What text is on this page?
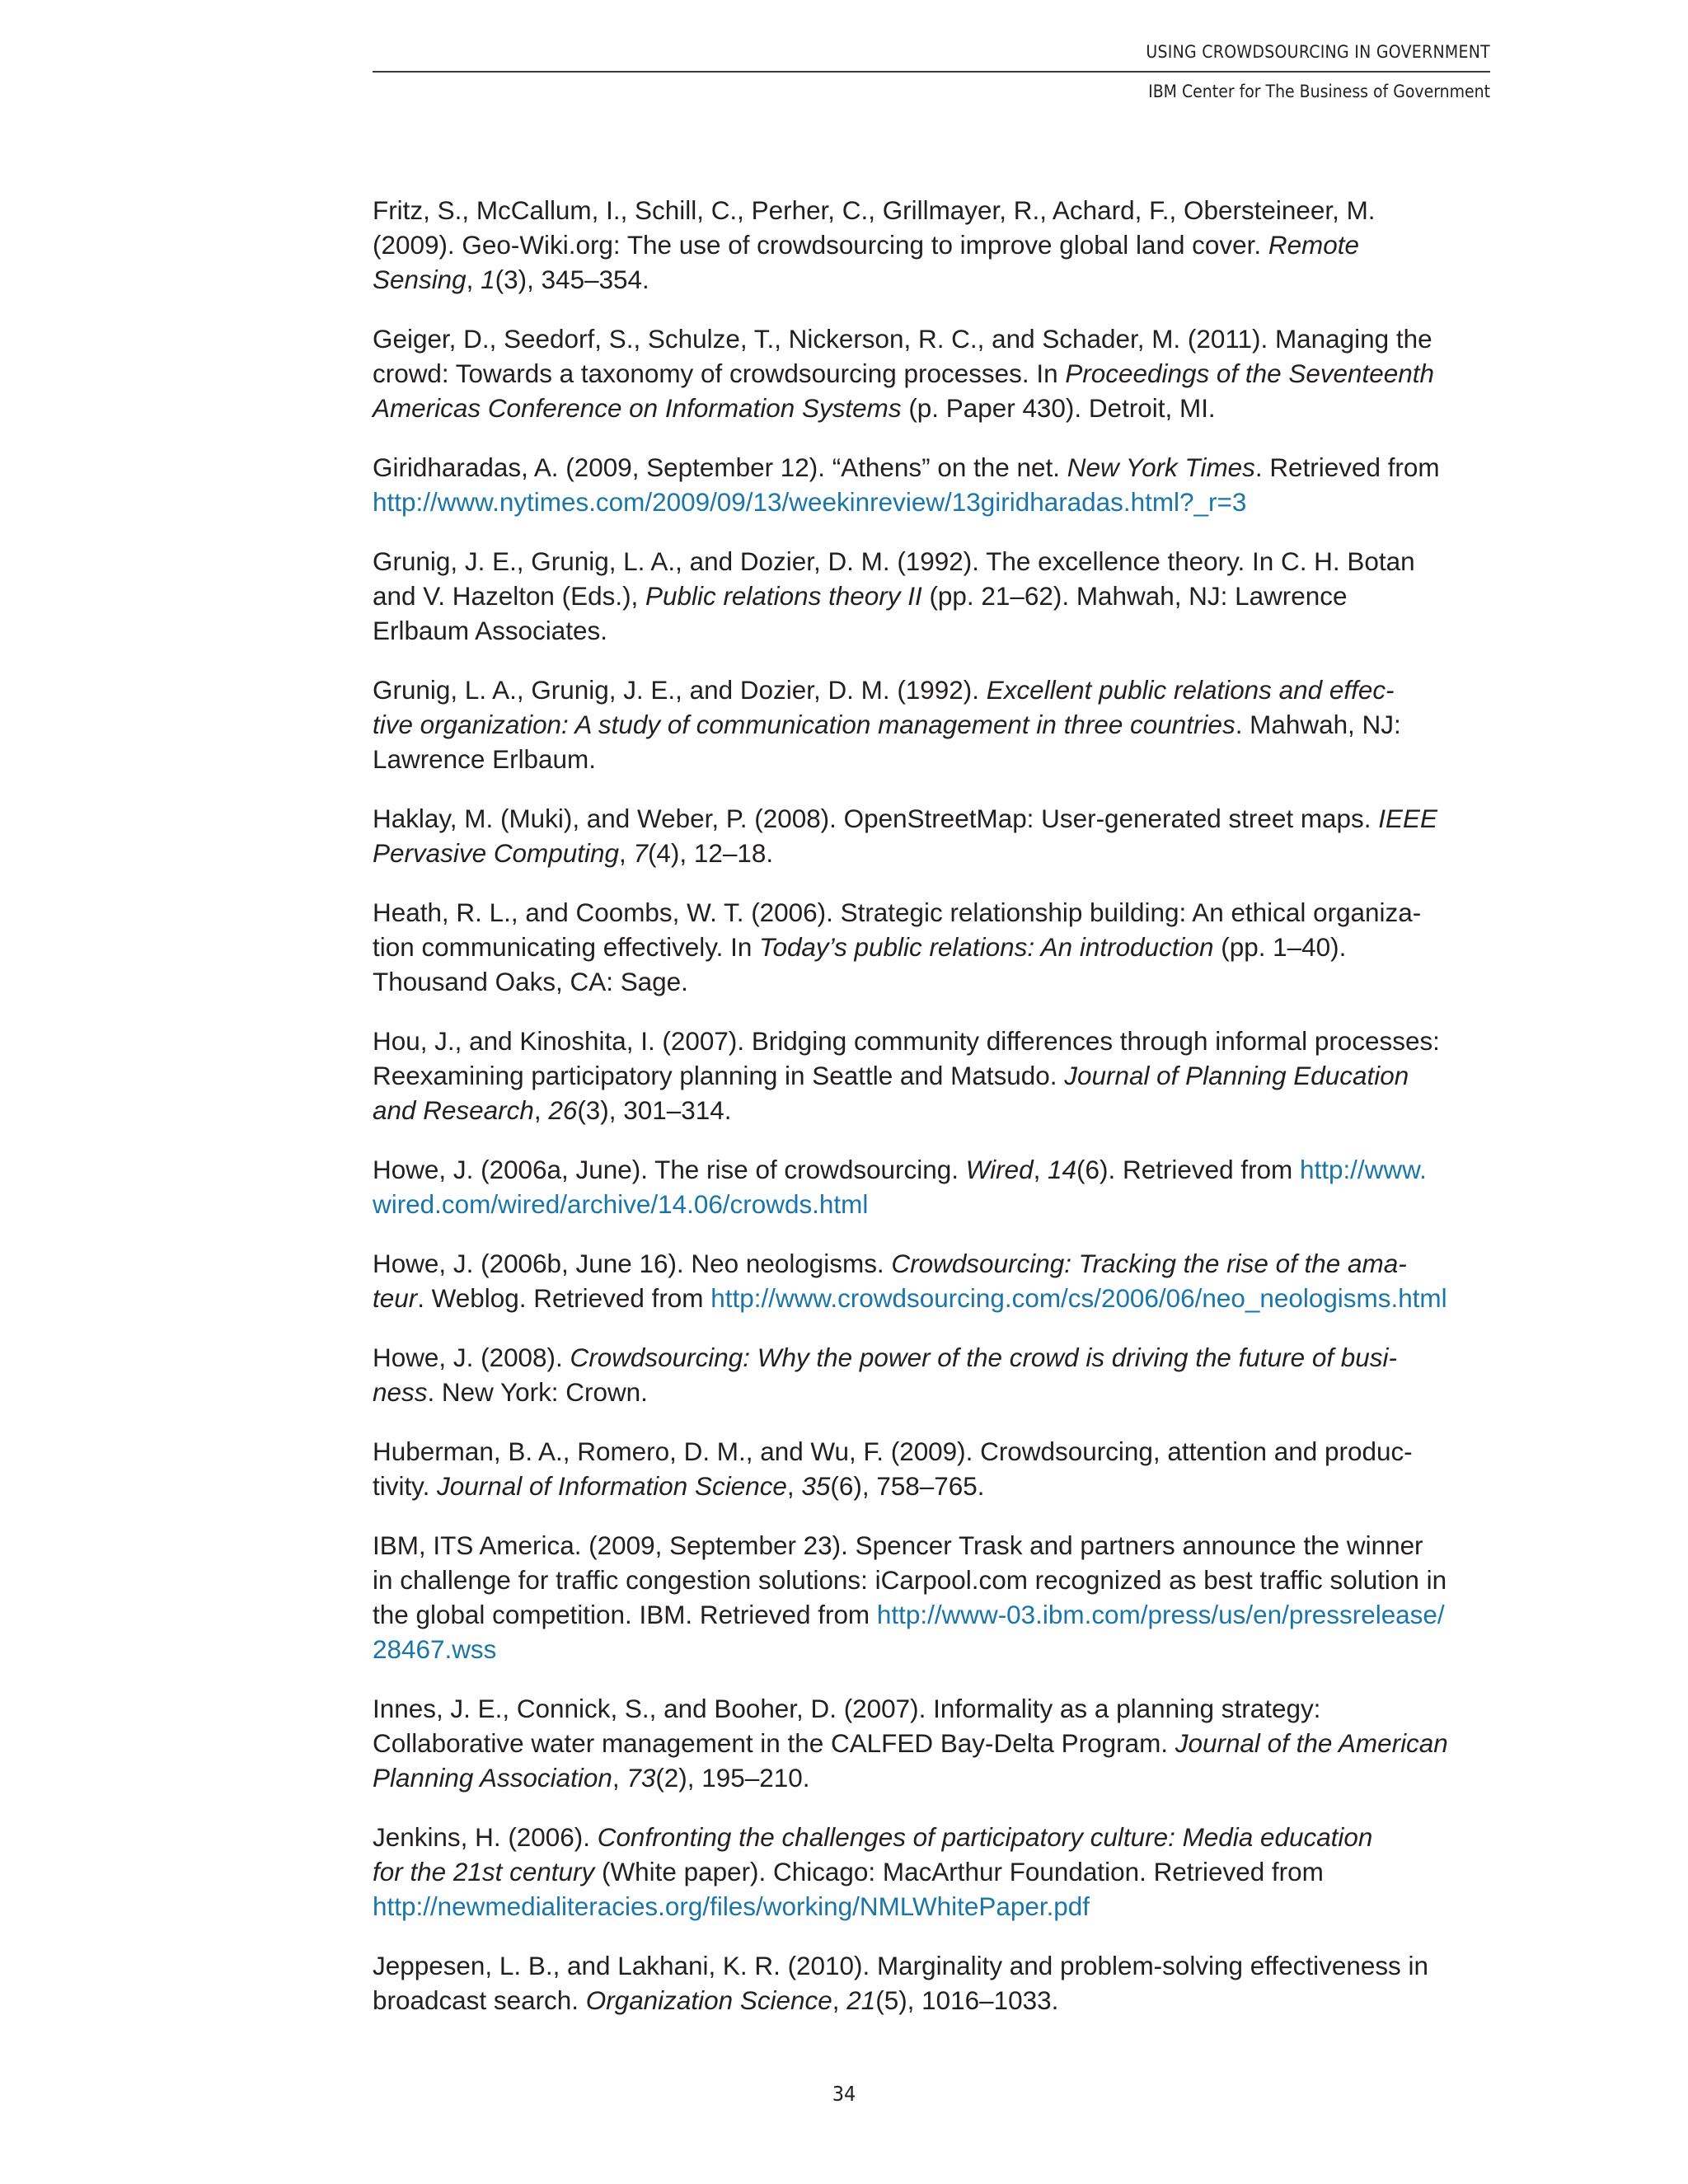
USING CROWDSOURCING IN GOVERNMENT
IBM Center for The Business of Government

Fritz, S., McCallum, I., Schill, C., Perher, C., Grillmayer, R., Achard, F., Obersteineer, M.
(2009). Geo-Wiki.org: The use of crowdsourcing to improve global land cover. Remote
Sensing, 1(3), 345–354.

Geiger, D., Seedorf, S., Schulze, T., Nickerson, R. C., and Schader, M. (2011). Managing the
crowd: Towards a taxonomy of crowdsourcing processes. In Proceedings of the Seventeenth
Americas Conference on Information Systems (p. Paper 430). Detroit, MI.

Giridharadas, A. (2009, September 12). “Athens” on the net. New York Times. Retrieved from
http://www.nytimes.com/2009/09/13/weekinreview/13giridharadas.html?_r=3

Grunig, J. E., Grunig, L. A., and Dozier, D. M. (1992). The excellence theory. In C. H. Botan
and V. Hazelton (Eds.), Public relations theory II (pp. 21–62). Mahwah, NJ: Lawrence
Erlbaum Associates.

Grunig, L. A., Grunig, J. E., and Dozier, D. M. (1992). Excellent public relations and effec-
tive organization: A study of communication management in three countries. Mahwah, NJ:
Lawrence Erlbaum.

Haklay, M. (Muki), and Weber, P. (2008). OpenStreetMap: User-generated street maps. IEEE
Pervasive Computing, 7(4), 12–18.

Heath, R. L., and Coombs, W. T. (2006). Strategic relationship building: An ethical organiza-
tion communicating effectively. In Today’s public relations: An introduction (pp. 1–40).
Thousand Oaks, CA: Sage.

Hou, J., and Kinoshita, I. (2007). Bridging community differences through informal processes:
Reexamining participatory planning in Seattle and Matsudo. Journal of Planning Education
and Research, 26(3), 301–314.

Howe, J. (2006a, June). The rise of crowdsourcing. Wired, 14(6). Retrieved from http://www.
wired.com/wired/archive/14.06/crowds.html

Howe, J. (2006b, June 16). Neo neologisms. Crowdsourcing: Tracking the rise of the ama-
teur. Weblog. Retrieved from http://www.crowdsourcing.com/cs/2006/06/neo_neologisms.html

Howe, J. (2008). Crowdsourcing: Why the power of the crowd is driving the future of busi-
ness. New York: Crown.

Huberman, B. A., Romero, D. M., and Wu, F. (2009). Crowdsourcing, attention and produc-
tivity. Journal of Information Science, 35(6), 758–765.

IBM, ITS America. (2009, September 23). Spencer Trask and partners announce the winner
in challenge for traffic congestion solutions: iCarpool.com recognized as best traffic solution in
the global competition. IBM. Retrieved from http://www-03.ibm.com/press/us/en/pressrelease/
28467.wss

Innes, J. E., Connick, S., and Booher, D. (2007). Informality as a planning strategy:
Collaborative water management in the CALFED Bay-Delta Program. Journal of the American
Planning Association, 73(2), 195–210.

Jenkins, H. (2006). Confronting the challenges of participatory culture: Media education
for the 21st century (White paper). Chicago: MacArthur Foundation. Retrieved from
http://newmedialiteracies.org/files/working/NMLWhitePaper.pdf

Jeppesen, L. B., and Lakhani, K. R. (2010). Marginality and problem-solving effectiveness in
broadcast search. Organization Science, 21(5), 1016–1033.

34
